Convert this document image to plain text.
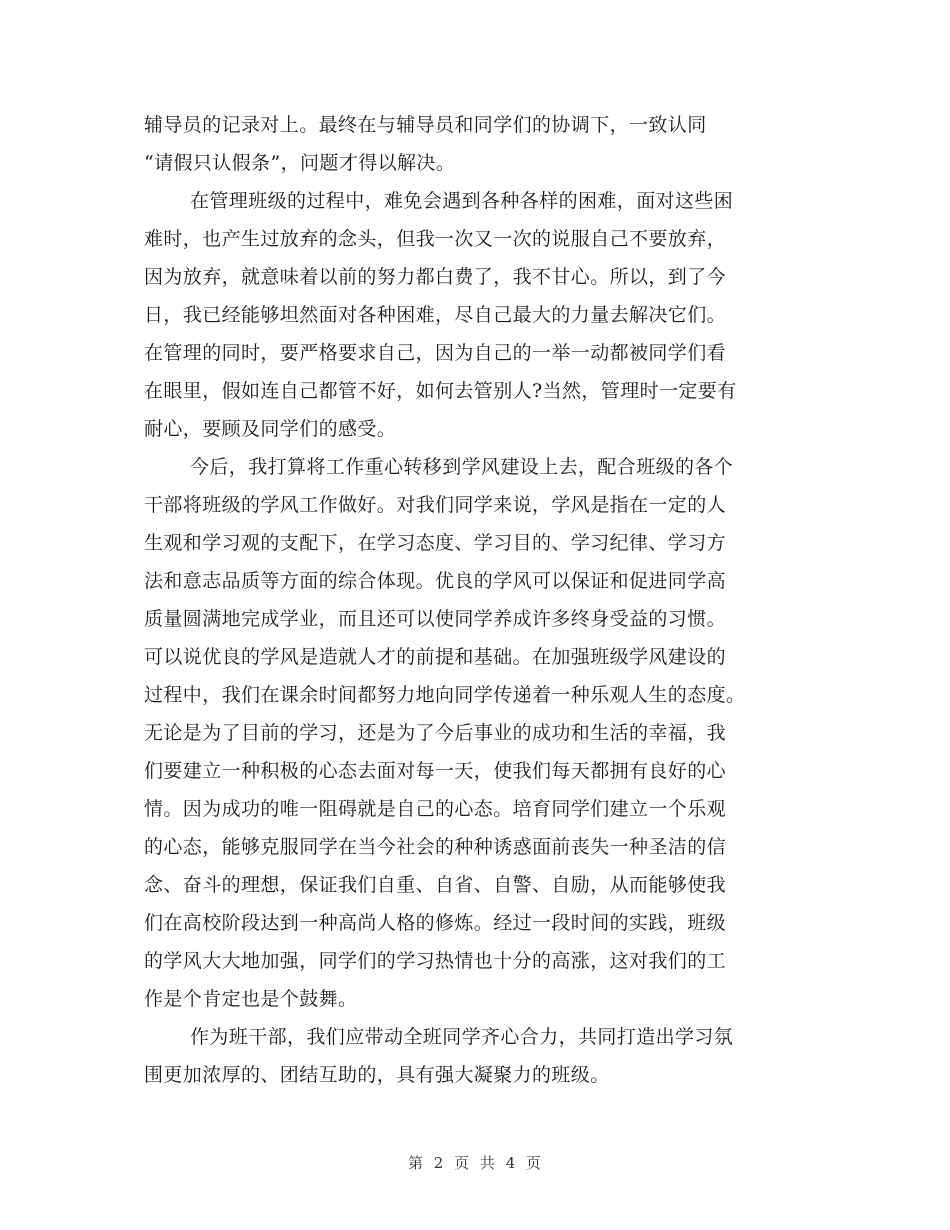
辅导员的记录对上。最终在与辅导员和同学们的协调下，一致认同
“请假只认假条”，问题才得以解决。
在管理班级的过程中，难免会遇到各种各样的困难，面对这些困
难时，也产生过放弃的念头，但我一次又一次的说服自己不要放弃，
因为放弃，就意味着以前的努力都白费了，我不甘心。所以，到了今
日，我已经能够坦然面对各种困难，尽自己最大的力量去解决它们。
在管理的同时，要严格要求自己，因为自己的一举一动都被同学们看
在眼里，假如连自己都管不好，如何去管别人?当然，管理时一定要有
耐心，要顾及同学们的感受。
今后，我打算将工作重心转移到学风建设上去，配合班级的各个
干部将班级的学风工作做好。对我们同学来说，学风是指在一定的人
生观和学习观的支配下，在学习态度、学习目的、学习纪律、学习方
法和意志品质等方面的综合体现。优良的学风可以保证和促进同学高
质量圆满地完成学业，而且还可以使同学养成许多终身受益的习惯。
可以说优良的学风是造就人才的前提和基础。在加强班级学风建设的
过程中，我们在课余时间都努力地向同学传递着一种乐观人生的态度。
无论是为了目前的学习，还是为了今后事业的成功和生活的幸福，我
们要建立一种积极的心态去面对每一天，使我们每天都拥有良好的心
情。因为成功的唯一阻碍就是自己的心态。培育同学们建立一个乐观
的心态，能够克服同学在当今社会的种种诱惑面前丧失一种圣洁的信
念、奋斗的理想，保证我们自重、自省、自警、自励，从而能够使我
们在高校阶段达到一种高尚人格的修炼。经过一段时间的实践，班级
的学风大大地加强，同学们的学习热情也十分的高涨，这对我们的工
作是个肯定也是个鼓舞。
作为班干部，我们应带动全班同学齐心合力，共同打造出学习氛
围更加浓厚的、团结互助的，具有强大凝聚力的班级。
第 2 页 共 4 页
